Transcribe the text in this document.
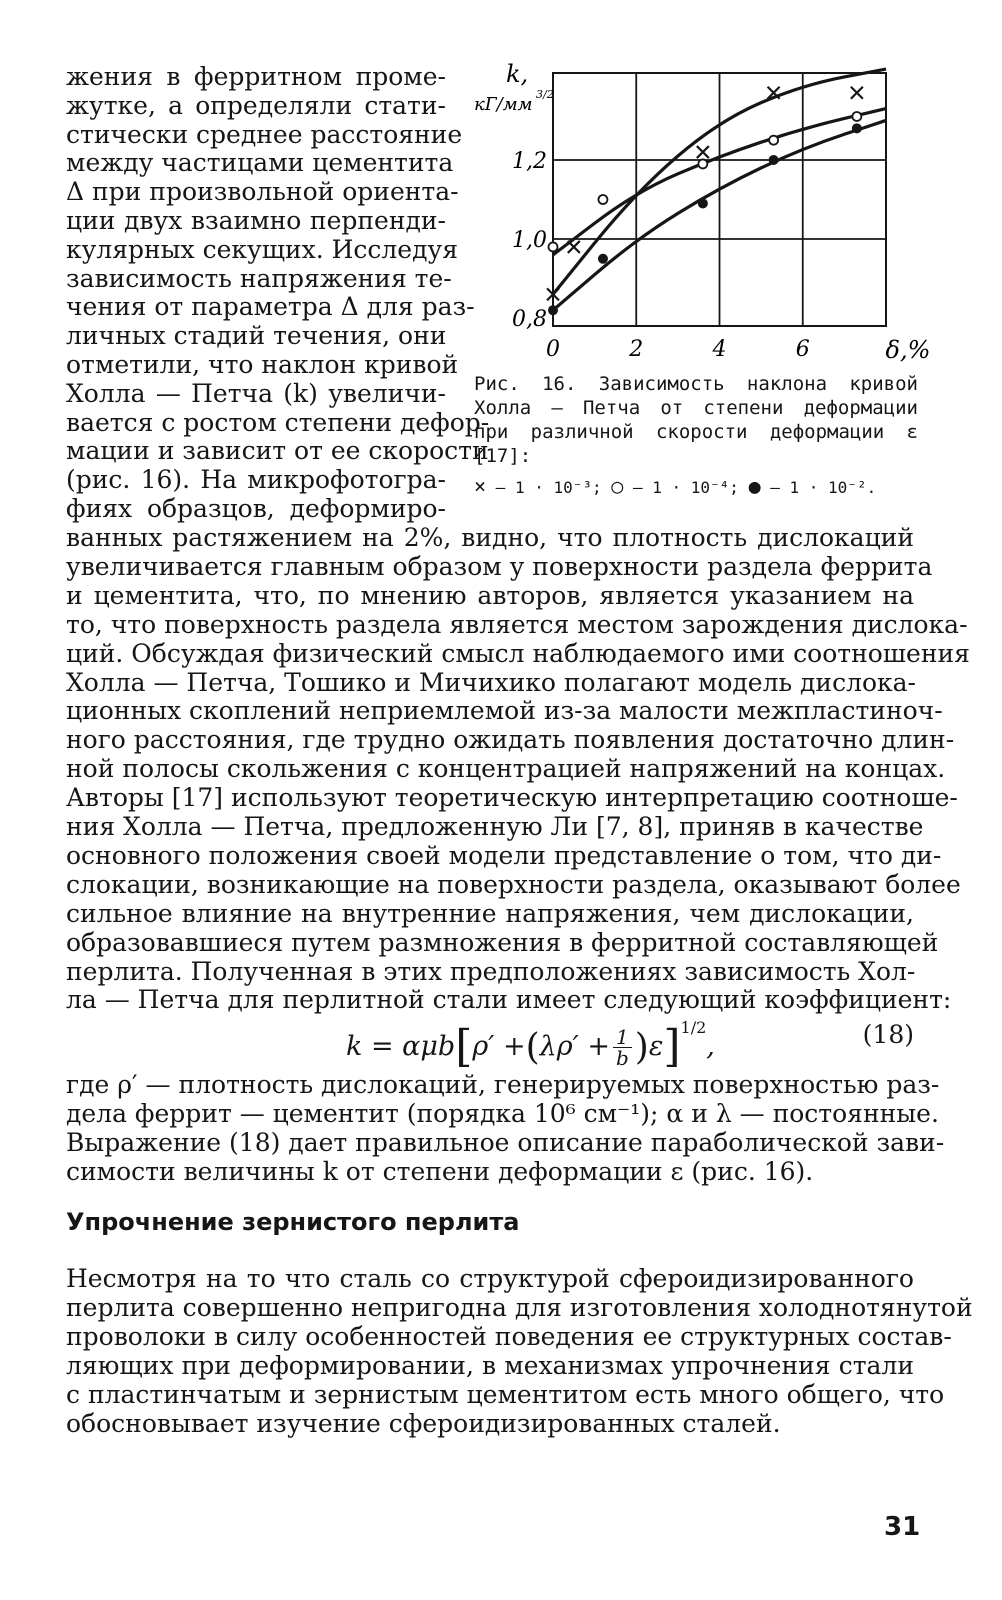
жения в ферритном проме-
жутке, а определяли стати-
стически среднее расстояние
между частицами цементита
Δ при произвольной ориента-
ции двух взаимно перпенди-
кулярных секущих. Исследуя
зависимость напряжения те-
чения от параметра Δ для раз-
личных стадий течения, они
отметили, что наклон кривой
Холла — Петча (k) увеличи-
вается с ростом степени дефор-
мации и зависит от ее скорости
(рис. 16). На микрофотогра-
фиях образцов, деформиро-
0	2	4	6
1,2
1,0
0,8
k,
кГ/мм 3/2
δ,%
Рис. 16. Зависимость наклона кривой
Холла — Петча от степени деформации
при различной скорости деформации ε
[17]:
× — 1 · 10⁻³; ○ — 1 · 10⁻⁴; ● — 1 · 10⁻².
ванных растяжением на 2%, видно, что плотность дислокаций
увеличивается главным образом у поверхности раздела феррита
и цементита, что, по мнению авторов, является указанием на
то, что поверхность раздела является местом зарождения дислока-
ций. Обсуждая физический смысл наблюдаемого ими соотношения
Холла — Петча, Тошико и Мичихико полагают модель дислока-
ционных скоплений неприемлемой из-за малости межпластиноч-
ного расстояния, где трудно ожидать появления достаточно длин-
ной полосы скольжения с концентрацией напряжений на концах.
Авторы [17] используют теоретическую интерпретацию соотноше-
ния Холла — Петча, предложенную Ли [7, 8], приняв в качестве
основного положения своей модели представление о том, что ди-
слокации, возникающие на поверхности раздела, оказывают более
сильное влияние на внутренние напряжения, чем дислокации,
образовавшиеся путем размножения в ферритной составляющей
перлита. Полученная в этих предположениях зависимость Хол-
ла — Петча для перлитной стали имеет следующий коэффициент:
$k = \alpha\mu b[\rho' +(\lambda\rho' + \frac{1}{b} )\varepsilon]^{1/2}$,	(18)
где ρ′ — плотность дислокаций, генерируемых поверхностью раз-
дела феррит — цементит (порядка 10⁶ см⁻¹); α и λ — постоянные.
Выражение (18) дает правильное описание параболической зави-
симости величины k от степени деформации ε (рис. 16).
Упрочнение зернистого перлита
Несмотря на то что сталь со структурой сфероидизированного
перлита совершенно непригодна для изготовления холоднотянутой
проволоки в силу особенностей поведения ее структурных состав-
ляющих при деформировании, в механизмах упрочнения стали
с пластинчатым и зернистым цементитом есть много общего, что
обосновывает изучение сфероидизированных сталей.
31
